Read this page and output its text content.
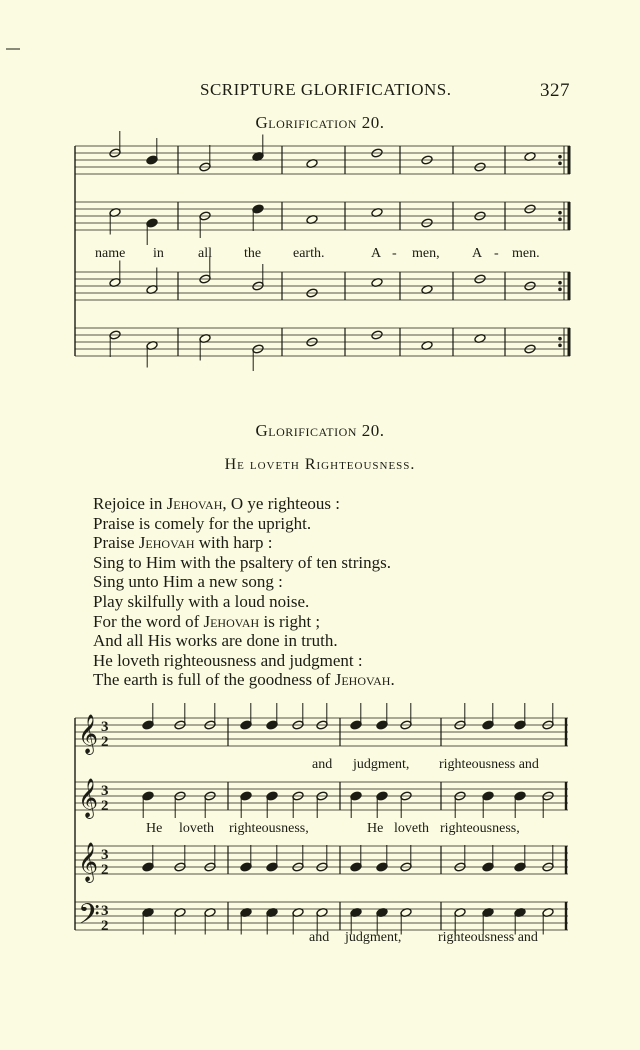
SCRIPTURE GLORIFICATIONS.	327
Glorification 20.
𝄞 3
2
𝄞 3
2
𝄞 3
2
𝄢 3
2
name in all the earth.	A - men, A - men.
Glorification 20.
He loveth Righteousness.
Rejoice in Jehovah, O ye righteous :
Praise is comely for the upright.
Praise Jehovah with harp :
Sing to Him with the psaltery of ten strings.
Sing unto Him a new song :
Play skilfully with a loud noise.
For the word of Jehovah is right ;
And all His works are done in truth.
He loveth righteousness and judgment :
The earth is full of the goodness of Jehovah.
and judgment, righteousness and
He loveth righteousness,	He loveth righteousness,
and judgment,	righteousness and
